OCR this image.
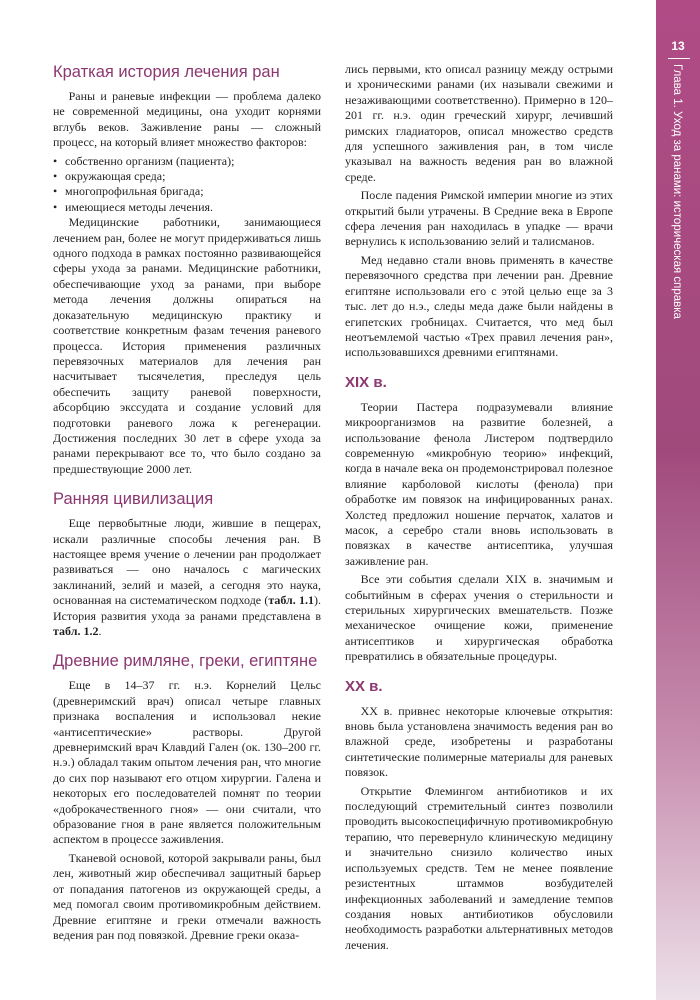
13
Глава 1. Уход за ранами: историческая справка
Краткая история лечения ран

Раны и раневые инфекции — проблема далеко не современной медицины, она уходит корнями вглубь веков. Заживление раны — сложный процесс, на который влияет множество факторов:

• собственно организм (пациента);
• окружающая среда;
• многопрофильная бригада;
• имеющиеся методы лечения.

Медицинские работники, занимающиеся лечением ран, более не могут придерживаться лишь одного подхода в рамках постоянно развивающейся сферы ухода за ранами. Медицинские работники, обеспечивающие уход за ранами, при выборе метода лечения должны опираться на доказательную медицинскую практику и соответствие конкретным фазам течения раневого процесса. История применения различных перевязочных материалов для лечения ран насчитывает тысячелетия, преследуя цель обеспечить защиту раневой поверхности, абсорбцию экссудата и создание условий для подготовки раневого ложа к регенерации. Достижения последних 30 лет в сфере ухода за ранами перекрывают все то, что было создано за предшествующие 2000 лет.

Ранняя цивилизация

Еще первобытные люди, жившие в пещерах, искали различные способы лечения ран. В настоящее время учение о лечении ран продолжает развиваться — оно началось с магических заклинаний, зелий и мазей, а сегодня это наука, основанная на систематическом подходе (табл. 1.1). История развития ухода за ранами представлена в табл. 1.2.

Древние римляне, греки, египтяне

Еще в 14–37 гг. н.э. Корнелий Цельс (древнеримский врач) описал четыре главных признака воспаления и использовал некие «антисептические» растворы. Другой древнеримский врач Клавдий Гален (ок. 130–200 гг. н.э.) обладал таким опытом лечения ран, что многие до сих пор называют его отцом хирургии. Галена и некоторых его последователей помнят по теории «доброкачественного гноя» — они считали, что образование гноя в ране является положительным аспектом в процессе заживления.

Тканевой основой, которой закрывали раны, был лен, животный жир обеспечивал защитный барьер от попадания патогенов из окружающей среды, а мед помогал своим противомикробным действием. Древние египтяне и греки отмечали важность ведения ран под повязкой. Древние греки оказа-

лись первыми, кто описал разницу между острыми и хроническими ранами (их называли свежими и незаживающими соответственно). Примерно в 120–201 гг. н.э. один греческий хирург, лечивший римских гладиаторов, описал множество средств для успешного заживления ран, в том числе указывал на важность ведения ран во влажной среде.

После падения Римской империи многие из этих открытий были утрачены. В Средние века в Европе сфера лечения ран находилась в упадке — врачи вернулись к использованию зелий и талисманов.

Мед недавно стали вновь применять в качестве перевязочного средства при лечении ран. Древние египтяне использовали его с этой целью еще за 3 тыс. лет до н.э., следы меда даже были найдены в египетских гробницах. Считается, что мед был неотъемлемой частью «Трех правил лечения ран», использовавшихся древними египтянами.

XIX в.

Теории Пастера подразумевали влияние микроорганизмов на развитие болезней, а использование фенола Листером подтвердило современную «микробную теорию» инфекций, когда в начале века он продемонстрировал полезное влияние карболовой кислоты (фенола) при обработке им повязок на инфицированных ранах. Холстед предложил ношение перчаток, халатов и масок, а серебро стали вновь использовать в повязках в качестве антисептика, улучшая заживление ран.

Все эти события сделали XIX в. значимым и событийным в сферах учения о стерильности и стерильных хирургических вмешательств. Позже механическое очищение кожи, применение антисептиков и хирургическая обработка превратились в обязательные процедуры.

XX в.

XX в. привнес некоторые ключевые открытия: вновь была установлена значимость ведения ран во влажной среде, изобретены и разработаны синтетические полимерные материалы для раневых повязок.

Открытие Флемингом антибиотиков и их последующий стремительный синтез позволили проводить высокоспецифичную противомикробную терапию, что перевернуло клиническую медицину и значительно снизило количество иных используемых средств. Тем не менее появление резистентных штаммов возбудителей инфекционных заболеваний и замедление темпов создания новых антибиотиков обусловили необходимость разработки альтернативных методов лечения.
